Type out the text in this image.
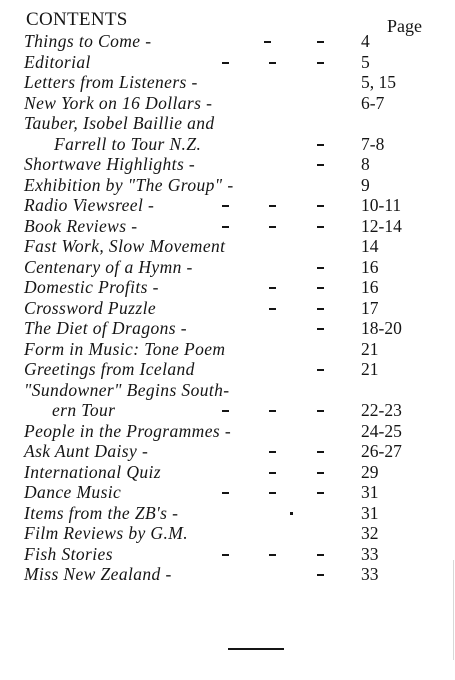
CONTENTS	Page
Things to Come -	4
Editorial	5
Letters from Listeners -	5, 15
New York on 16 Dollars -	6-7
Tauber, Isobel Baillie and
Farrell to Tour N.Z.	7-8
Shortwave Highlights -	8
Exhibition by "The Group" -	9
Radio Viewsreel -	10-11
Book Reviews -	12-14
Fast Work, Slow Movement	14
Centenary of a Hymn -	16
Domestic Profits -	16
Crossword Puzzle	17
The Diet of Dragons -	18-20
Form in Music: Tone Poem	21
Greetings from Iceland	21
"Sundowner" Begins South-
ern Tour	22-23
People in the Programmes -	24-25
Ask Aunt Daisy -	26-27
International Quiz	29
Dance Music	31
Items from the ZB's -	31
Film Reviews by G.M.	32
Fish Stories	33
Miss New Zealand -	33
